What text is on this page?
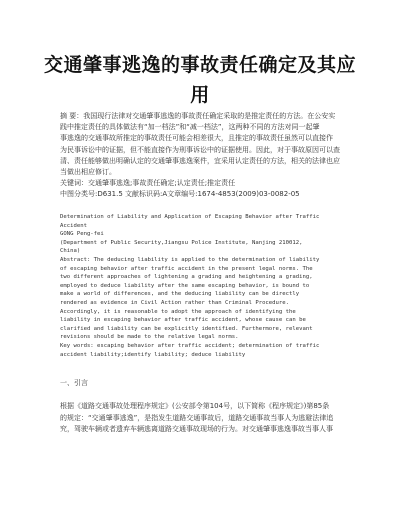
交通肇事逃逸的事故责任确定及其应
用

摘 要：我国现行法律对交通肇事逃逸的事故责任确定采取的是推定责任的方法。在公安实

践中推定责任的具体做法有“加一档法”和“减一档法”，这两种不同的方法对同一起肇

事逃逸的交通事故所推定的事故责任可能会相差很大，且推定的事故责任虽然可以直接作

为民事诉讼中的证据，但不能直接作为刑事诉讼中的证据使用。因此，对于事故原因可以查

清、责任能够做出明确认定的交通肇事逃逸案件，宜采用认定责任的方法，相关的法律也应

当做出相应修订。

关键词：交通肇事逃逸;事故责任确定;认定责任;推定责任

中图分类号:D631.5 文献标识码:A文章编号:1674-4853(2009)03-0082-05

Determination of Liability and Application of Escaping Behavior after Traffic

Accident

GONG Peng-fei

(Department of Public Security,Jiangsu Police Institute, Nanjing 210012,

China)

Abstract: The deducing liability is applied to the determination of liability

of escaping behavior after traffic accident in the present legal norms. The

two different approaches of lightening a grading and heightening a grading,

employed to deduce liability after the same escaping behavior, is bound to

make a world of differences, and the deducing liability can be directly

rendered as evidence in Civil Action rather than Criminal Procedure.

Accordingly, it is reasonable to adopt the approach of identifying the

liability in escaping behavior after traffic accident, whose cause can be

clarified and liability can be explicitly identified. Furthermore, relevant

revisions should be made to the relative legal norms.

Key words: escaping behavior after traffic accident; determination of traffic

accident liability;identify liability; deduce liability

一、引言
根据《道路交通事故处理程序规定》(公安部令第104号，以下简称《程序规定》)第85条
的规定：“交通肇事逃逸”，是指发生道路交通事故后，道路交通事故当事人为逃避法律追
究，驾驶车辆或者遗弃车辆逃离道路交通事故现场的行为。对交通肇事逃逸事故当事人事
